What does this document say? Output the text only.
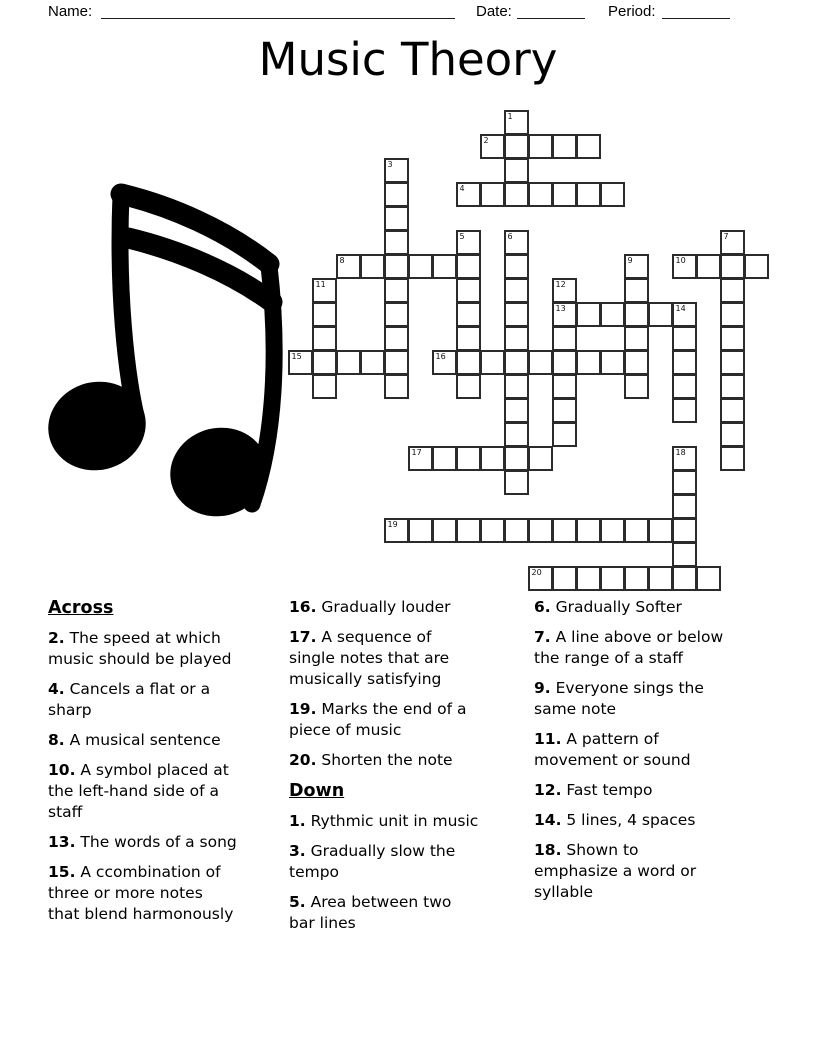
Name:	Date:	Period:
Music Theory
1
2
3
4
5	6	7
8	9	10
11	12
13	14
15	16
17	18
19
20
Across
2. The speed at which music should be played
4. Cancels a flat or a sharp
8. A musical sentence
10. A symbol placed at the left-hand side of a staff
13. The words of a song
15. A ccombination of three or more notes that blend harmonously
16. Gradually louder
17. A sequence of single notes that are musically satisfying
19. Marks the end of a piece of music
20. Shorten the note
Down
1. Rythmic unit in music
3. Gradually slow the tempo
5. Area between two bar lines
6. Gradually Softer
7. A line above or below the range of a staff
9. Everyone sings the same note
11. A pattern of movement or sound
12. Fast tempo
14. 5 lines, 4 spaces
18. Shown to emphasize a word or syllable
